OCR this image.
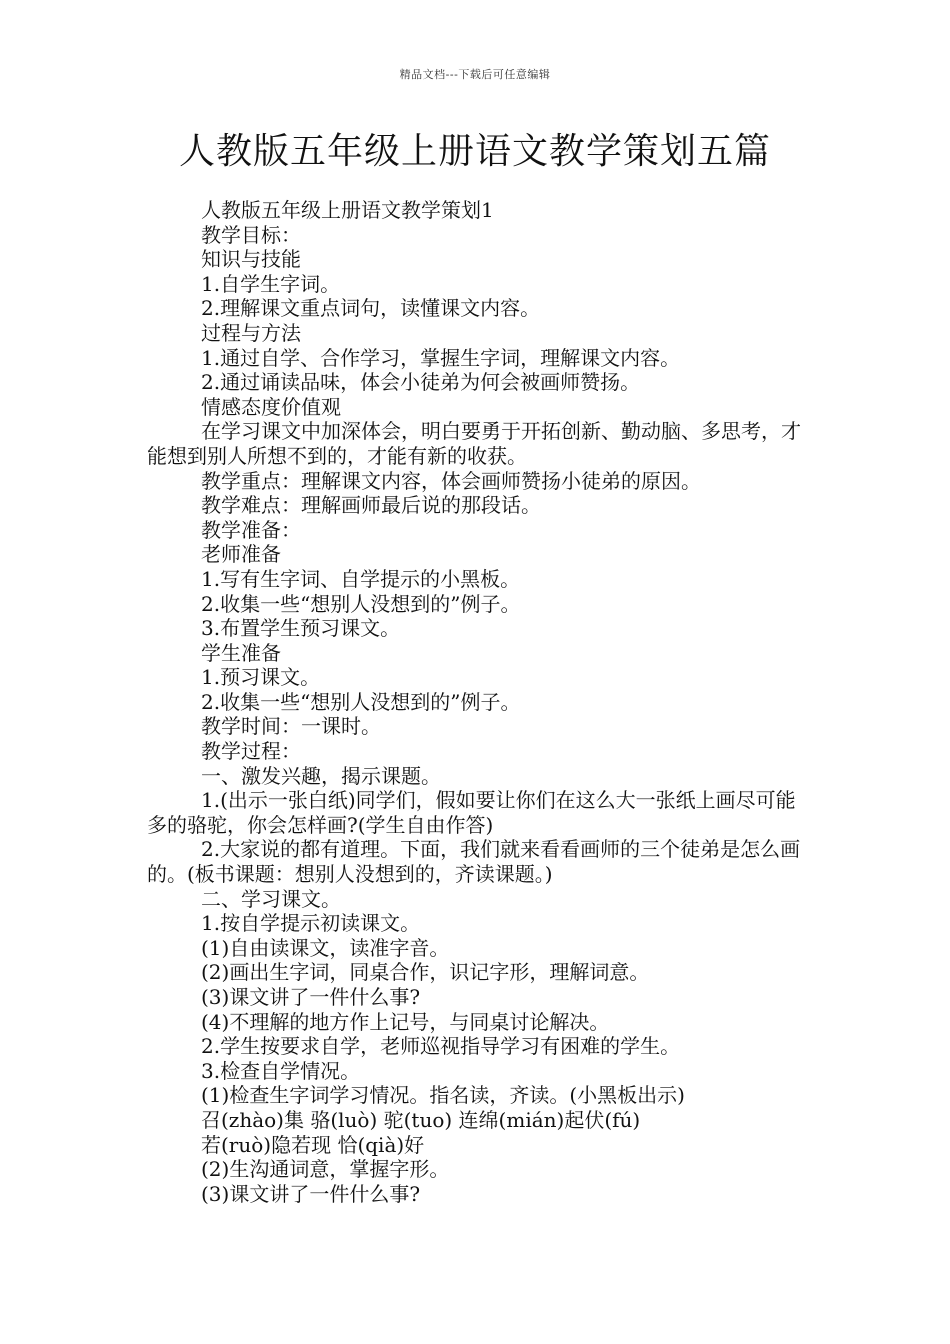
精品文档---下载后可任意编辑
人教版五年级上册语文教学策划五篇

人教版五年级上册语文教学策划1

教学目标：

知识与技能

1.自学生字词。

2.理解课文重点词句，读懂课文内容。

过程与方法

1.通过自学、合作学习，掌握生字词，理解课文内容。

2.通过诵读品味，体会小徒弟为何会被画师赞扬。

情感态度价值观

在学习课文中加深体会，明白要勇于开拓创新、勤动脑、多思考，才能想到别人所想不到的，才能有新的收获。

教学重点：理解课文内容，体会画师赞扬小徒弟的原因。

教学难点：理解画师最后说的那段话。

教学准备：

老师准备

1.写有生字词、自学提示的小黑板。

2.收集一些“想别人没想到的”例子。

3.布置学生预习课文。

学生准备

1.预习课文。

2.收集一些“想别人没想到的”例子。

教学时间：一课时。

教学过程：

一、激发兴趣，揭示课题。

1.(出示一张白纸)同学们，假如要让你们在这么大一张纸上画尽可能多的骆驼，你会怎样画?(学生自由作答)

2.大家说的都有道理。下面，我们就来看看画师的三个徒弟是怎么画的。(板书课题：想别人没想到的，齐读课题。)

二、学习课文。

1.按自学提示初读课文。

(1)自由读课文，读准字音。

(2)画出生字词，同桌合作，识记字形，理解词意。

(3)课文讲了一件什么事?

(4)不理解的地方作上记号，与同桌讨论解决。

2.学生按要求自学，老师巡视指导学习有困难的学生。

3.检查自学情况。

(1)检查生字词学习情况。指名读，齐读。(小黑板出示)

召(zhào)集 骆(luò) 驼(tuo) 连绵(mián)起伏(fú)

若(ruò)隐若现 恰(qià)好

(2)生沟通词意，掌握字形。

(3)课文讲了一件什么事?
